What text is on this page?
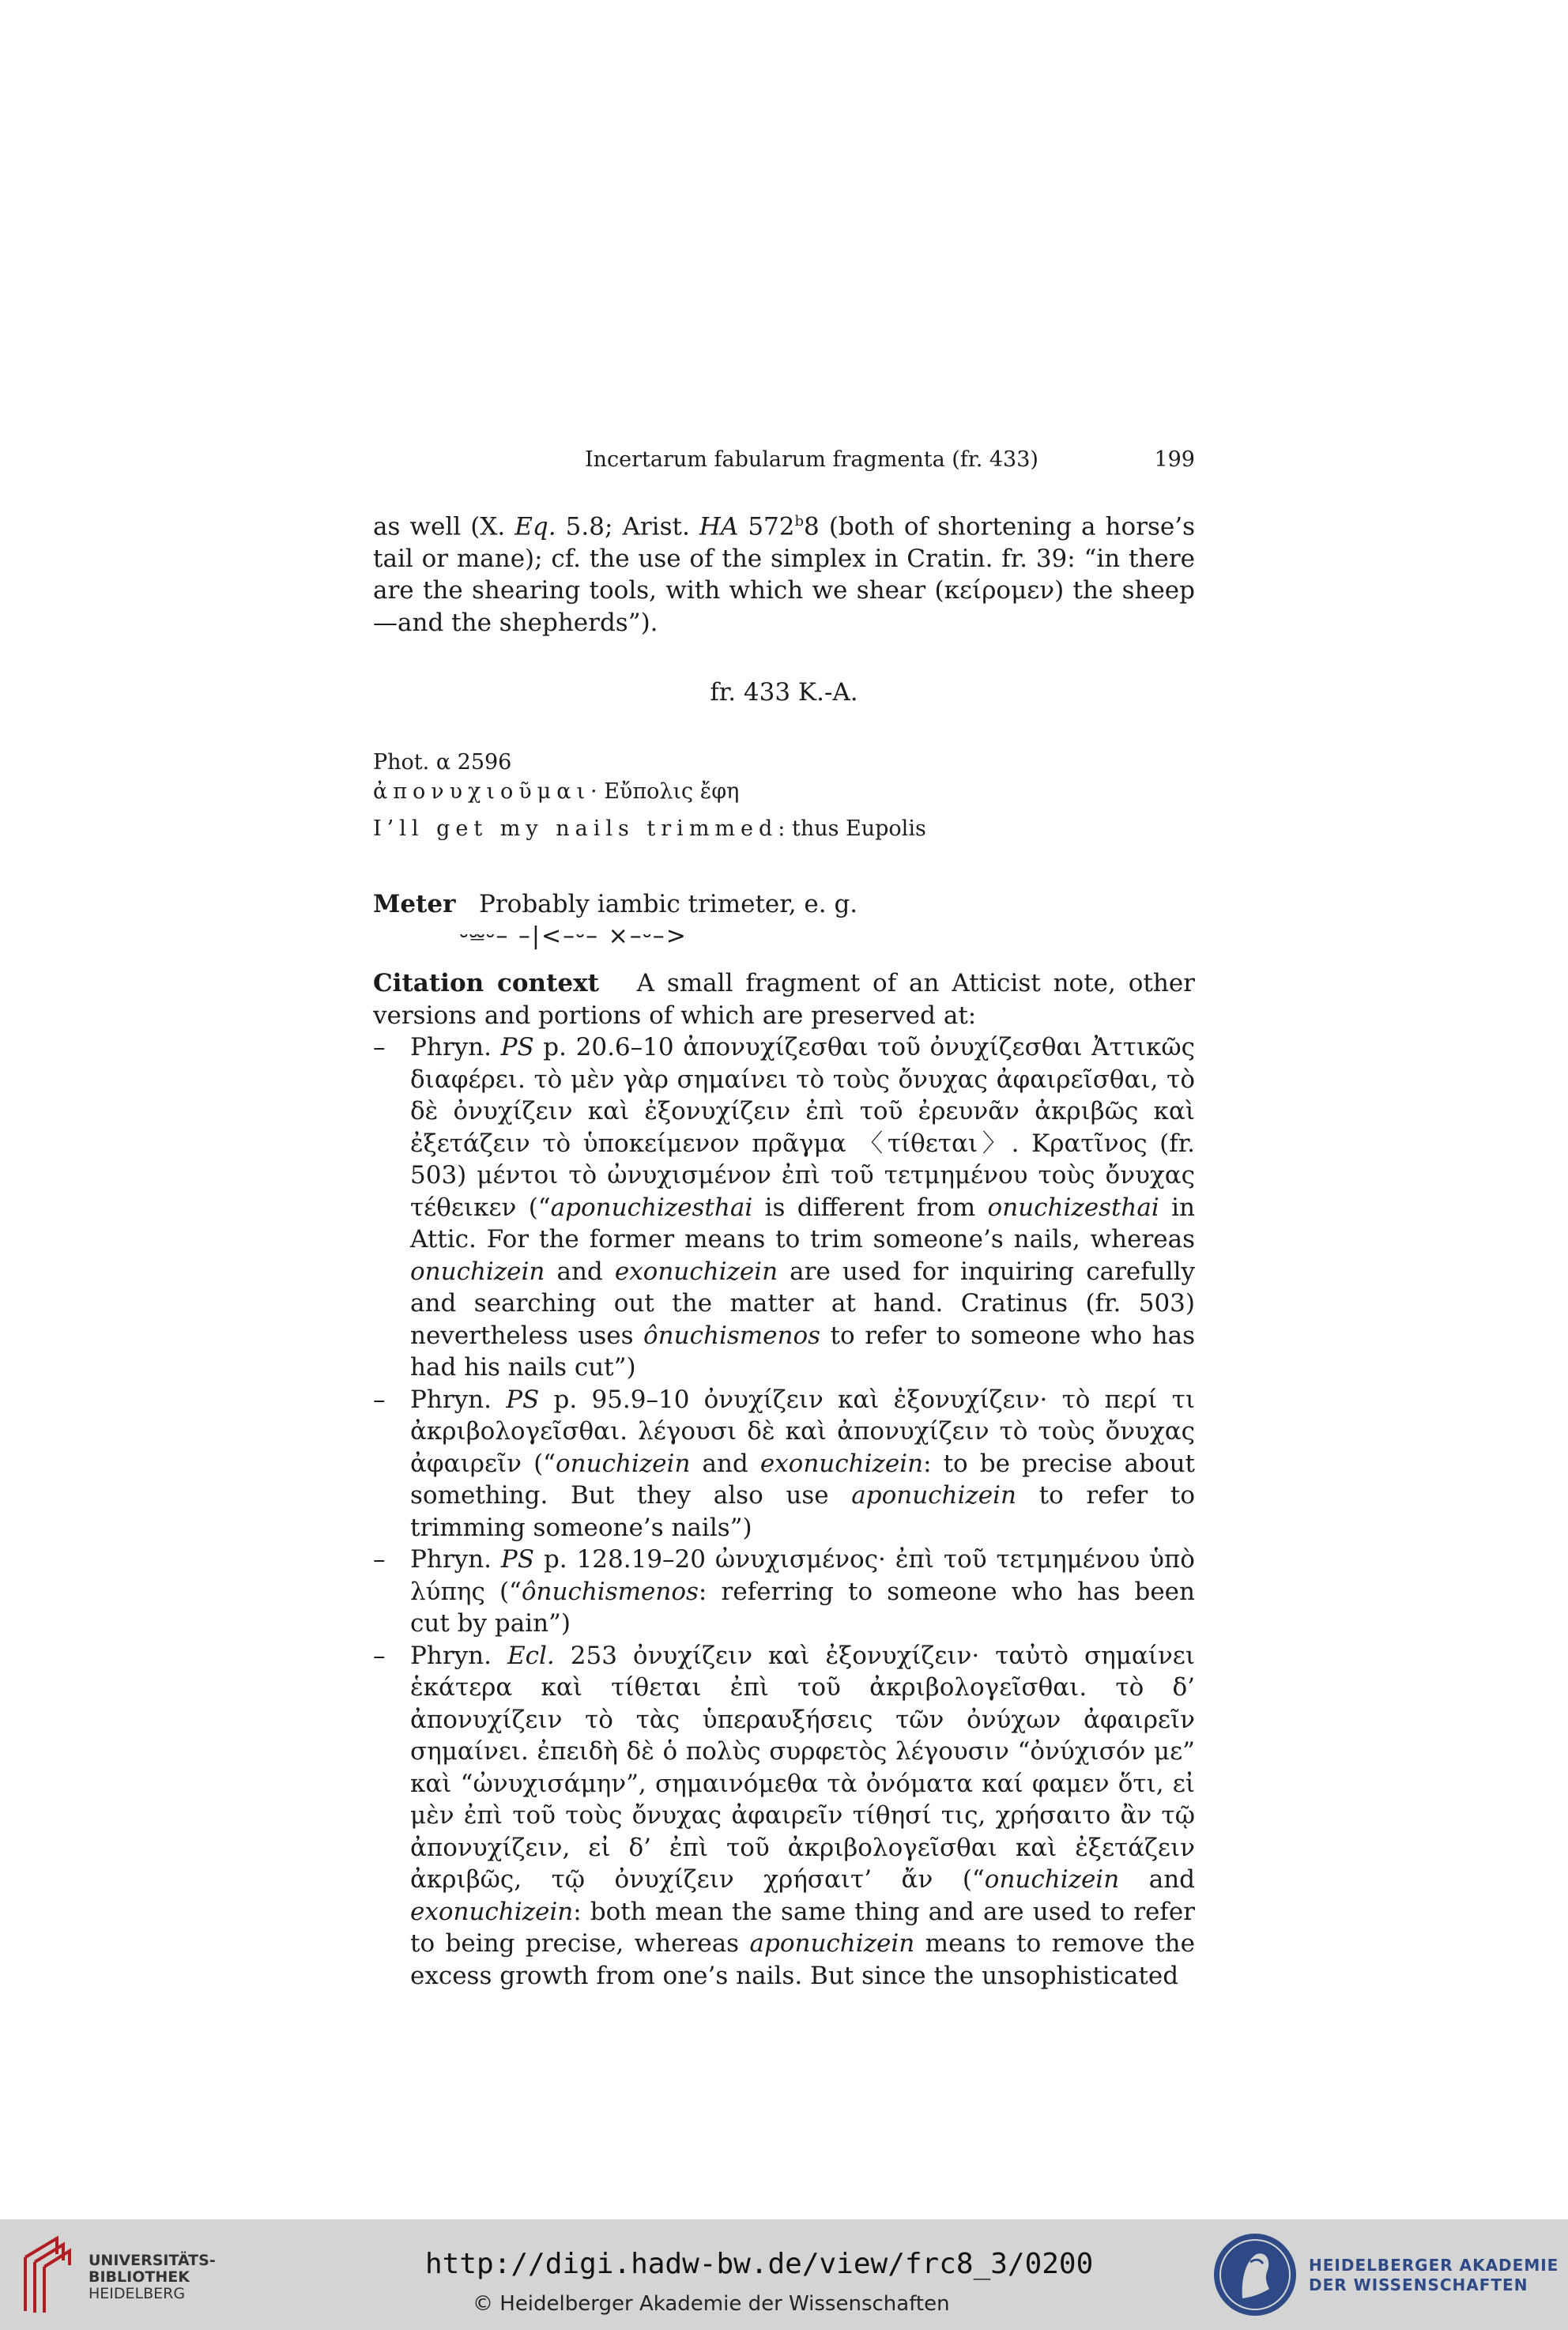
Incertarum fabularum fragmenta (fr. 433)	199

as well (X. Eq. 5.8; Arist. HA 572$^b$8 (both of shortening a horse’s tail or mane); cf. the use of the simplex in Cratin. fr. 39: “in there are the shearing tools, with which we shear (κείρομεν) the sheep—and the shepherds”).

fr. 433 K.-A.

Phot. α 2596

ἀπονυχιοῦμαι· Εὔπολις ἔφη

I’ll get my nails trimmed: thus Eupolis

Meter Probably iambic trimeter, e. g.

⏑⏕⏑– –|<–⏑– ×–⏑–>

Citation context A small fragment of an Atticist note, other versions and portions of which are preserved at:

– Phryn. PS p. 20.6–10 ἀπονυχίζεσθαι τοῦ ὀνυχίζεσθαι Ἀττικῶς διαφέρει. τὸ μὲν γὰρ σημαίνει τὸ τοὺς ὄνυχας ἀφαιρεῖσθαι, τὸ δὲ ὀνυχίζειν καὶ ἐξονυχίζειν ἐπὶ τοῦ ἐρευνᾶν ἀκριβῶς καὶ ἐξετάζειν τὸ ὑποκείμενον πρᾶγμα 〈τίθεται〉. Κρατῖνος (fr. 503) μέντοι τὸ ὠνυχισμένον ἐπὶ τοῦ τετμημένου τοὺς ὄνυχας τέθεικεν (“aponuchizesthai is different from onuchizesthai in Attic. For the former means to trim someone’s nails, whereas onuchizein and exonuchizein are used for inquiring carefully and searching out the matter at hand. Cratinus (fr. 503) nevertheless uses ônuchismenos to refer to someone who has had his nails cut”)
– Phryn. PS p. 95.9–10 ὀνυχίζειν καὶ ἐξονυχίζειν· τὸ περί τι ἀκριβολογεῖσθαι. λέγουσι δὲ καὶ ἀπονυχίζειν τὸ τοὺς ὄνυχας ἀφαιρεῖν (“onuchizein and exonuchizein: to be precise about something. But they also use aponuchizein to refer to trimming someone’s nails”)
– Phryn. PS p. 128.19–20 ὠνυχισμένος· ἐπὶ τοῦ τετμημένου ὑπὸ λύπης (“ônuchismenos: referring to someone who has been cut by pain”)
– Phryn. Ecl. 253 ὀνυχίζειν καὶ ἐξονυχίζειν· ταὐτὸ σημαίνει ἑκάτερα καὶ τίθεται ἐπὶ τοῦ ἀκριβολογεῖσθαι. τὸ δ’ ἀπονυχίζειν τὸ τὰς ὑπεραυξήσεις τῶν ὀνύχων ἀφαιρεῖν σημαίνει. ἐπειδὴ δὲ ὁ πολὺς συρφετὸς λέγουσιν “ὀνύχισόν με” καὶ “ὠνυχισάμην”, σημαινόμεθα τὰ ὀνόματα καί φαμεν ὅτι, εἰ μὲν ἐπὶ τοῦ τοὺς ὄνυχας ἀφαιρεῖν τίθησί τις, χρήσαιτο ἂν τῷ ἀπονυχίζειν, εἰ δ’ ἐπὶ τοῦ ἀκριβολογεῖσθαι καὶ ἐξετάζειν ἀκριβῶς, τῷ ὀνυχίζειν χρήσαιτ’ ἄν (“onuchizein and exonuchizein: both mean the same thing and are used to refer to being precise, whereas aponuchizein means to remove the excess growth from one’s nails. But since the unsophisticated
UNIVERSITÄTS-
BIBLIOTHEK
HEIDELBERG
http://digi.hadw-bw.de/view/frc8_3/0200
© Heidelberger Akademie der Wissenschaften
HEIDELBERGER AKADEMIE
DER WISSENSCHAFTEN
